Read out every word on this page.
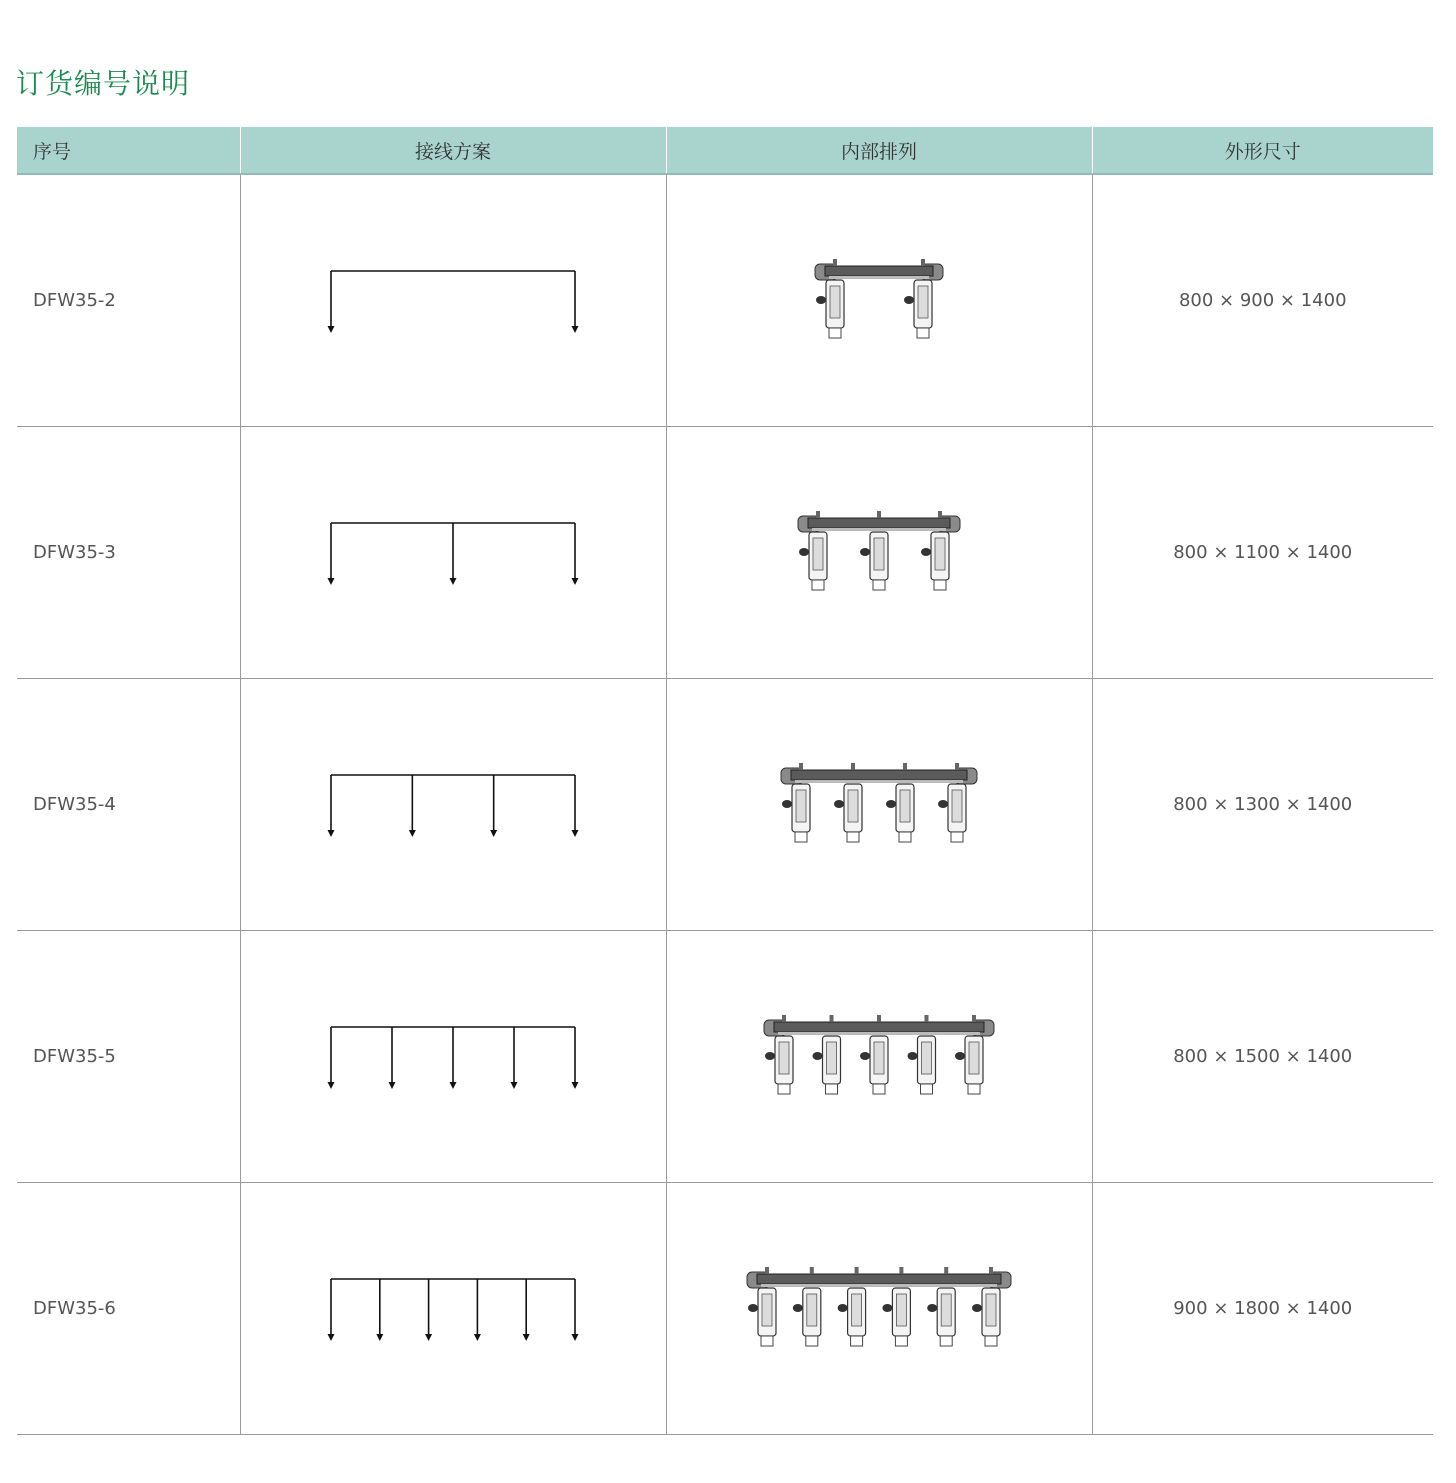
订货编号说明
序号	接线方案	内部排列	外形尺寸
DFW35-2			800 × 900 × 1400
DFW35-3			800 × 1100 × 1400
DFW35-4			800 × 1300 × 1400
DFW35-5			800 × 1500 × 1400
DFW35-6			900 × 1800 × 1400
